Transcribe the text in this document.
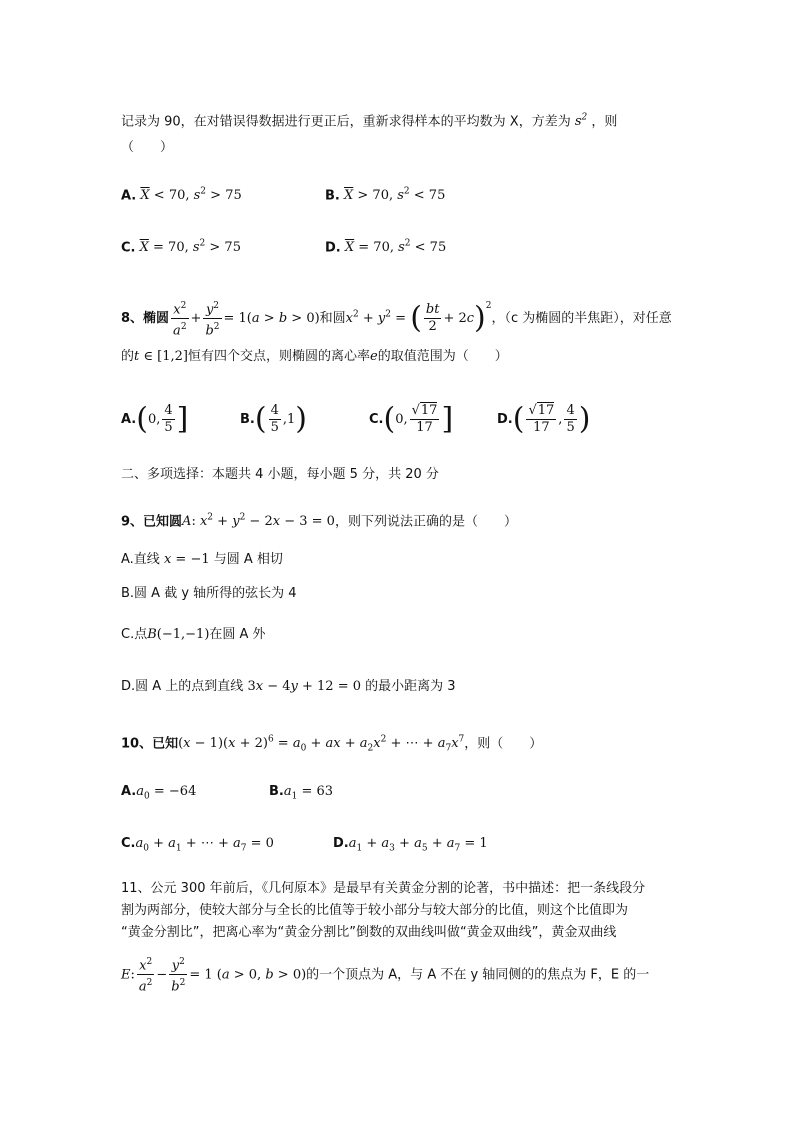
记录为 90，在对错误得数据进行更正后，重新求得样本的平均数为 X，方差为 $s^2$ ，则
（　　）
A. $\overline{X} < 70$, $s^2 > 75$	B. $\overline{X} > 70$, $s^2 < 75$
C. $\overline{X} = 70$, $s^2 > 75$	D. $\overline{X} = 70$, $s^2 < 75$
8、椭圆 $\frac{x^2}{a^2} + \frac{y^2}{b^2} = 1(a > b > 0)$和圆$x^2 + y^2$ = ( $\frac{bt}{2} + 2c)^2$，（c 为椭圆的半焦距），对任意
的t ∈ [1,2]恒有四个交点，则椭圆的离心率e的取值范围为（　　）
A.(0, $\frac{4}{5}$ ]	$B.( \frac{4}{5} ,1)$	C.(0, $\frac{√17}{17}$ ]	$D.( \frac{√17}{17}$ , $\frac{4}{5}$ )
二、多项选择：本题共 4 小题，每小题 5 分，共 20 分
9、已知圆A: $x^2 + y^2 - 2x - 3 = 0$，则下列说法正确的是（　　）
A.直线 x = −1 与圆 A 相切
B.圆 A 截 y 轴所得的弦长为 4
C.点B(−1,−1)在圆 A 外
D.圆 A 上的点到直线 3x − 4y + 12 = 0 的最小距离为 3
10、已知$(x - 1)(x + 2)^6 = a_0$ + ax + $a_2x^2$ + ⋯ + $a_7x^7$，则（　　）
$A.a_0 = -64$	$B.a_1 = 63$
$C.a_0 + a_1$ + ⋯ + $a_7 = 0$	$D.a_1 + a_3 + a_5 + a_7 = 1$
11、公元 300 年前后，《几何原本》是最早有关黄金分割的论著，书中描述：把一条线段分
割为两部分，使较大部分与全长的比值等于较小部分与较大部分的比值，则这个比值即为
“黄金分割比”，把离心率为“黄金分割比”倒数的双曲线叫做“黄金双曲线”，黄金双曲线
E: $\frac{x^2}{a^2} - \frac{y^2}{b^2} = 1$ (a > 0, b > 0)的一个顶点为 A，与 A 不在 y 轴同侧的的焦点为 F，E 的一
